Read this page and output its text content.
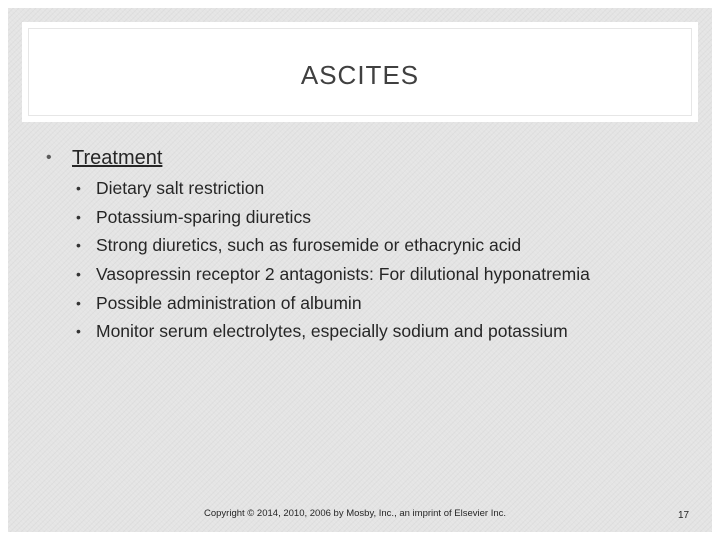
ASCITES
• Treatment
• Dietary salt restriction
• Potassium-sparing diuretics
• Strong diuretics, such as furosemide or ethacrynic acid
• Vasopressin receptor 2 antagonists: For dilutional hyponatremia
• Possible administration of albumin
• Monitor serum electrolytes, especially sodium and potassium
Copyright © 2014, 2010, 2006 by Mosby, Inc., an imprint of Elsevier Inc.	17
